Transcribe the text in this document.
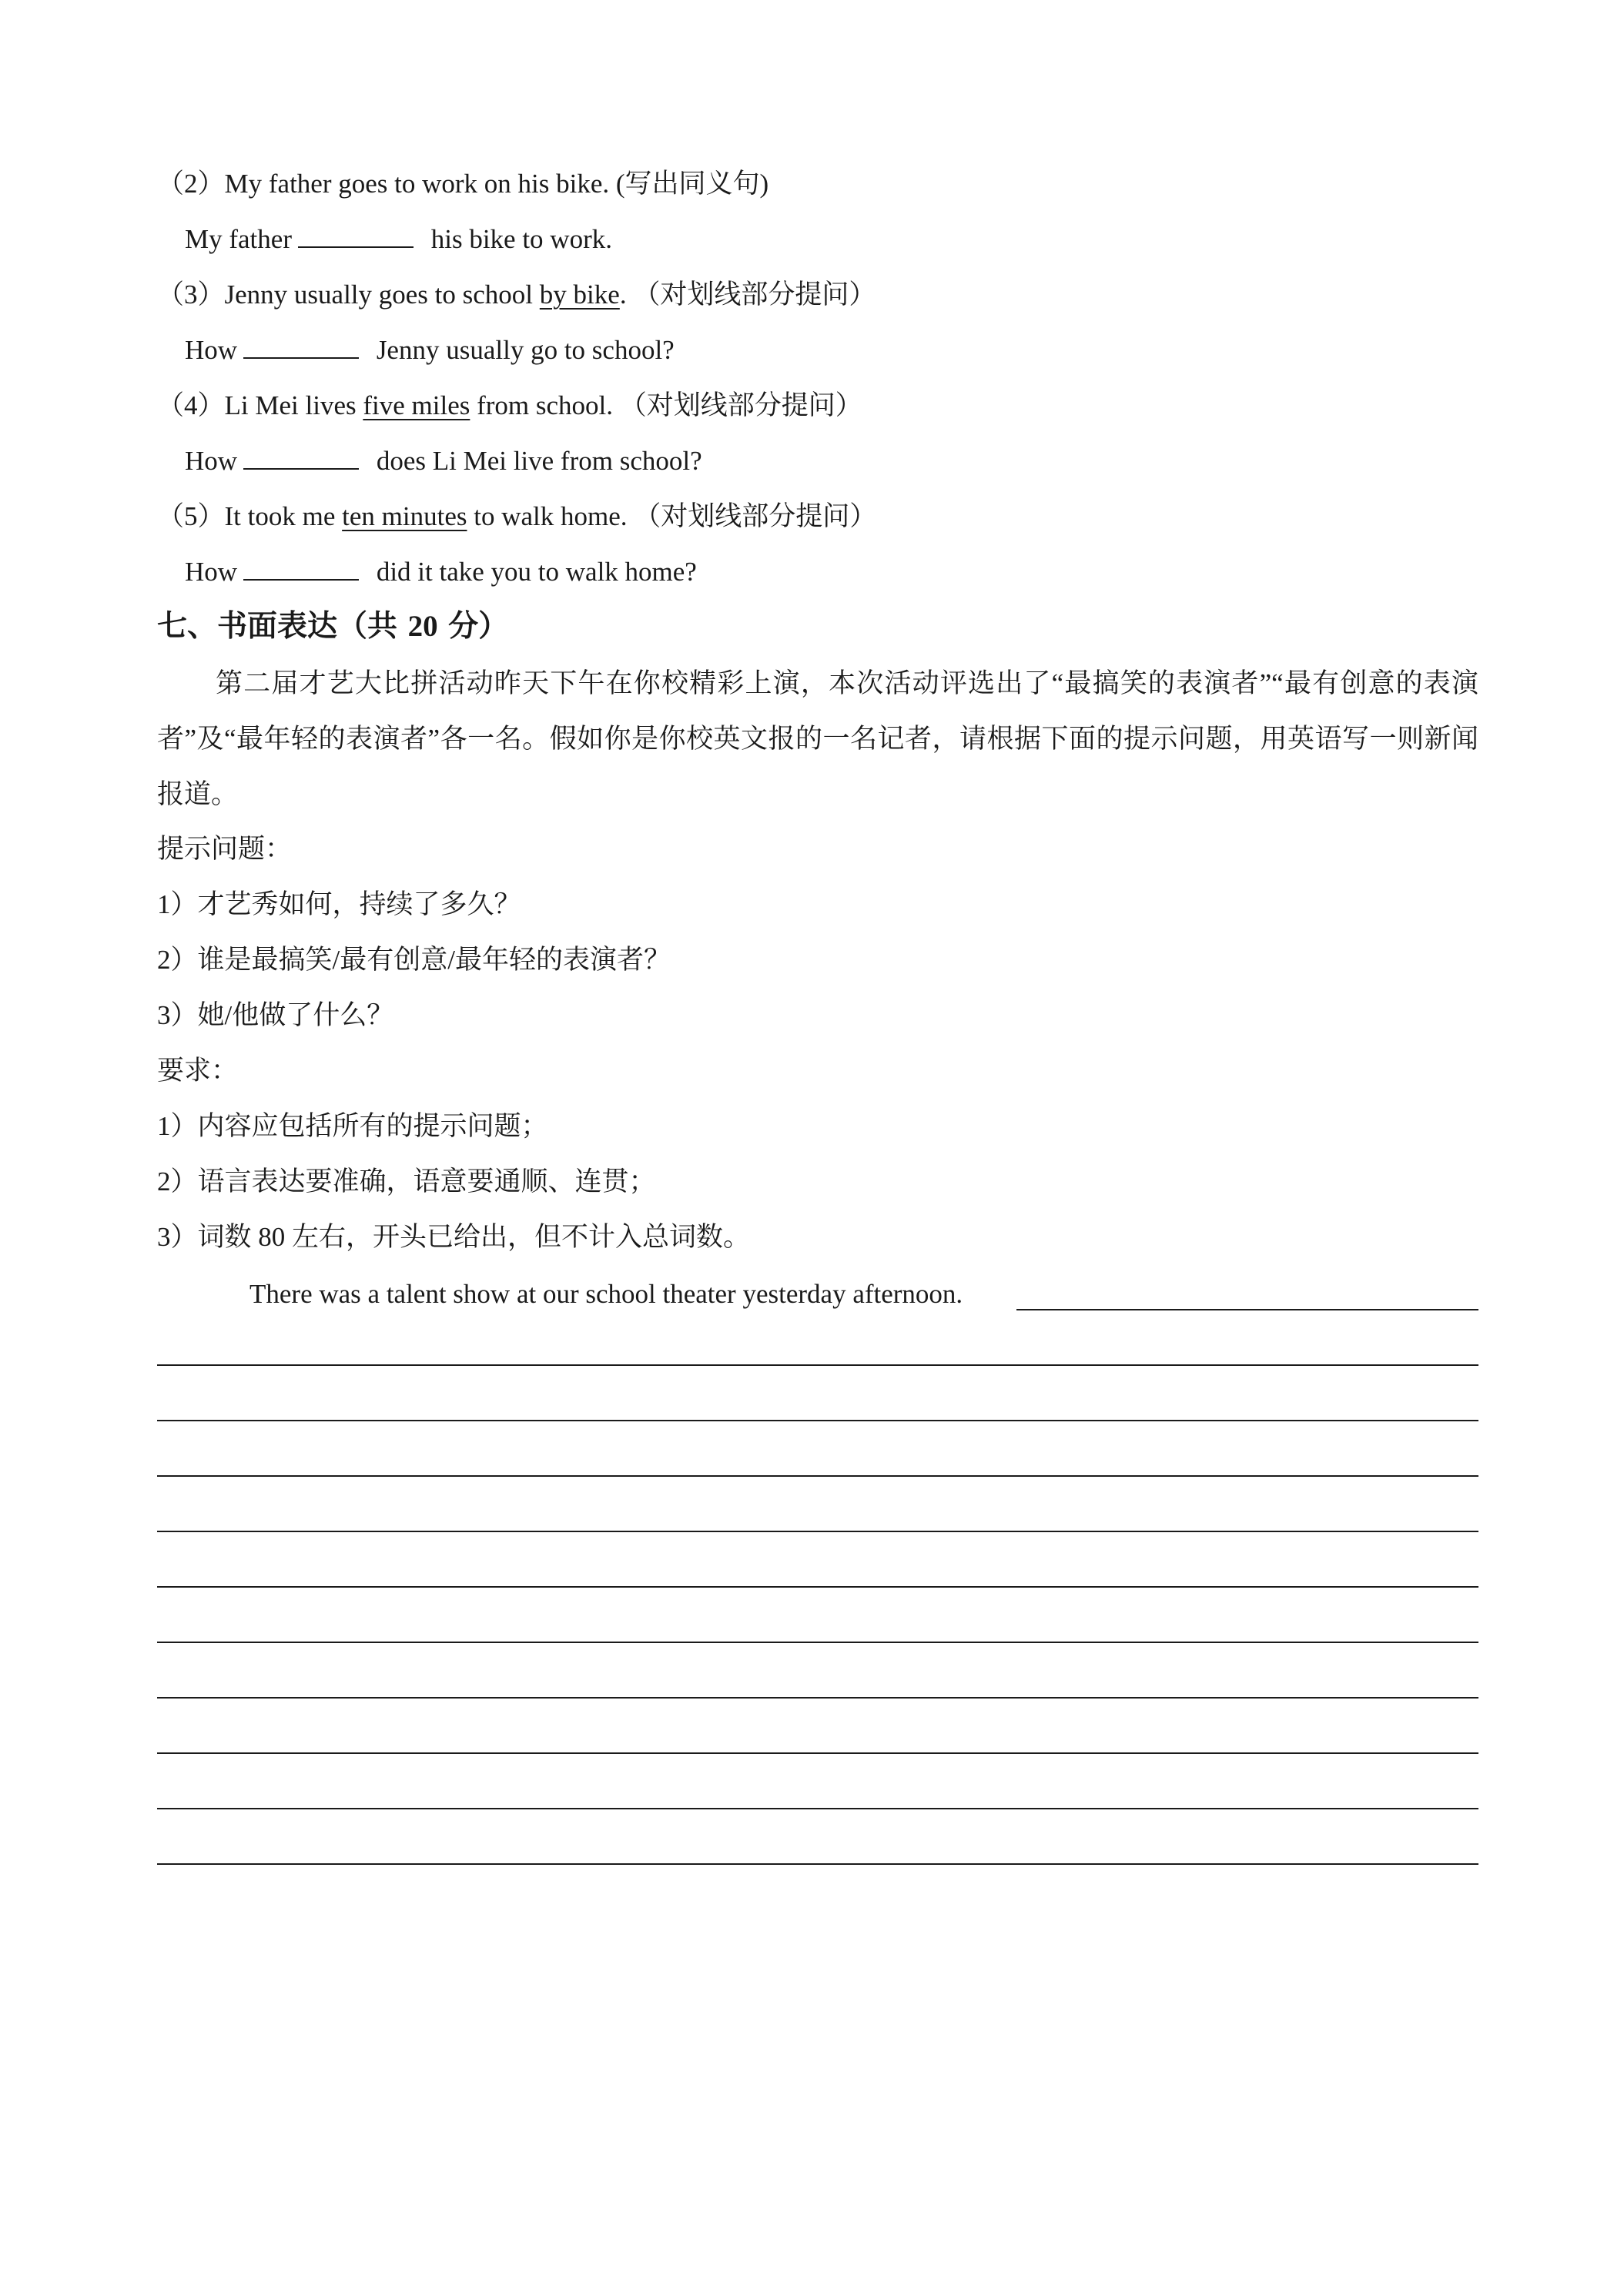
（2）My father goes to work on his bike. (写出同义句)
My father	his bike to work.
（3）Jenny usually goes to school by bike. （对划线部分提问）
How	Jenny usually go to school?
（4）Li Mei lives five miles from school. （对划线部分提问）
How	does Li Mei live from school?
（5）It took me ten minutes to walk home. （对划线部分提问）
How	did it take you to walk home?
七、书面表达（共 20 分）
第二届才艺大比拼活动昨天下午在你校精彩上演，本次活动评选出了“最搞笑的表演者”“最有创意的表演者”及“最年轻的表演者”各一名。假如你是你校英文报的一名记者，请根据下面的提示问题，用英语写一则新闻报道。
提示问题：
1）才艺秀如何，持续了多久？
2）谁是最搞笑/最有创意/最年轻的表演者？
3）她/他做了什么？
要求：
1）内容应包括所有的提示问题；
2）语言表达要准确，语意要通顺、连贯；
3）词数 80 左右，开头已给出，但不计入总词数。
There was a talent show at our school theater yesterday afternoon.
